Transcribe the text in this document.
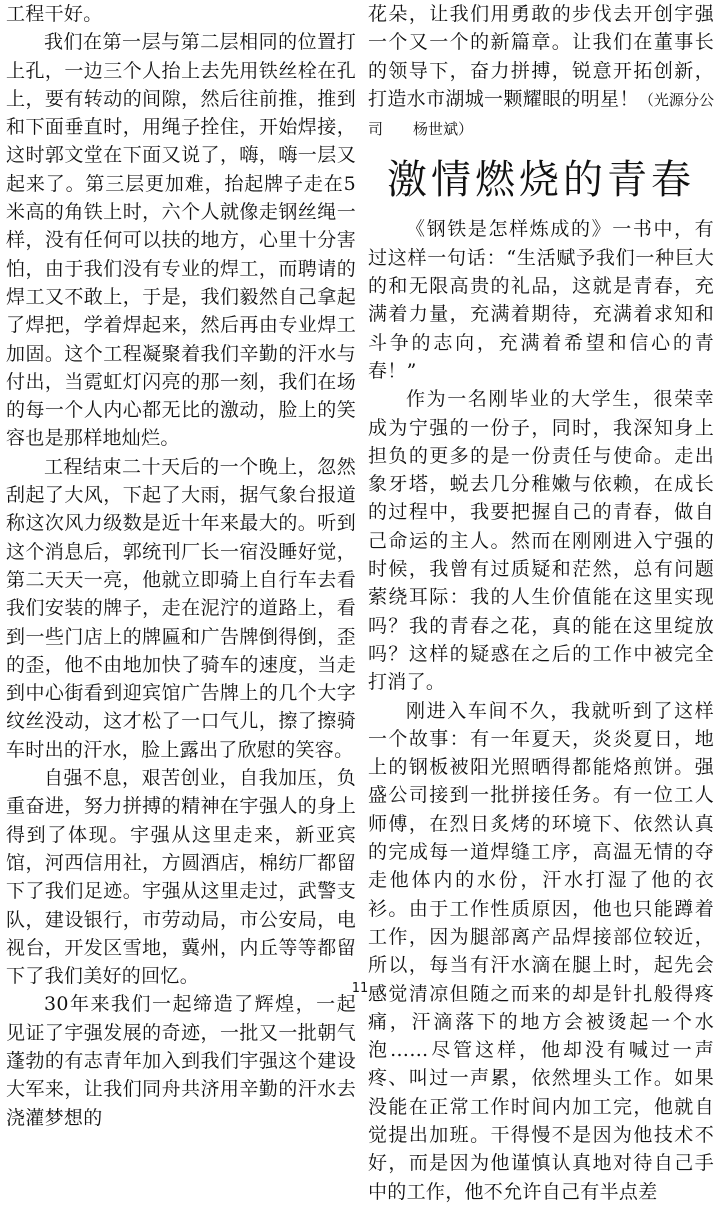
工程干好。

我们在第一层与第二层相同的位置打上孔，一边三个人抬上去先用铁丝栓在孔上，要有转动的间隙，然后往前推，推到和下面垂直时，用绳子拴住，开始焊接，这时郭文堂在下面又说了，嗨，嗨一层又起来了。第三层更加难，抬起牌子走在5米高的角铁上时，六个人就像走钢丝绳一样，没有任何可以扶的地方，心里十分害怕，由于我们没有专业的焊工，而聘请的焊工又不敢上，于是，我们毅然自己拿起了焊把，学着焊起来，然后再由专业焊工加固。这个工程凝聚着我们辛勤的汗水与付出，当霓虹灯闪亮的那一刻，我们在场的每一个人内心都无比的激动，脸上的笑容也是那样地灿烂。

工程结束二十天后的一个晚上，忽然刮起了大风，下起了大雨，据气象台报道称这次风力级数是近十年来最大的。听到这个消息后，郭统刊厂长一宿没睡好觉，第二天天一亮，他就立即骑上自行车去看我们安装的牌子，走在泥泞的道路上，看到一些门店上的牌匾和广告牌倒得倒，歪的歪，他不由地加快了骑车的速度，当走到中心街看到迎宾馆广告牌上的几个大字纹丝没动，这才松了一口气儿，擦了擦骑车时出的汗水，脸上露出了欣慰的笑容。

自强不息，艰苦创业，自我加压，负重奋进，努力拼搏的精神在宇强人的身上得到了体现。宇强从这里走来，新亚宾馆，河西信用社，方圆酒店，棉纺厂都留下了我们足迹。宇强从这里走过，武警支队，建设银行，市劳动局，市公安局，电视台，开发区雪地，冀州，内丘等等都留下了我们美好的回忆。

30年来我们一起缔造了辉煌，一起见证了宇强发展的奇迹，一批又一批朝气蓬勃的有志青年加入到我们宇强这个建设大军来，让我们同舟共济用辛勤的汗水去浇灌梦想的

花朵，让我们用勇敢的步伐去开创宇强一个又一个的新篇章。让我们在董事长的领导下，奋力拼搏，锐意开拓创新，打造水市湖城一颗耀眼的明星！（光源分公司　　杨世斌）

激情燃烧的青春

《钢铁是怎样炼成的》一书中，有过这样一句话：“生活赋予我们一种巨大的和无限高贵的礼品，这就是青春，充满着力量，充满着期待，充满着求知和斗争的志向，充满着希望和信心的青春！”

作为一名刚毕业的大学生，很荣幸成为宁强的一份子，同时，我深知身上担负的更多的是一份责任与使命。走出象牙塔，蜕去几分稚嫩与依赖，在成长的过程中，我要把握自己的青春，做自己命运的主人。然而在刚刚进入宁强的时候，我曾有过质疑和茫然，总有问题萦绕耳际：我的人生价值能在这里实现吗？我的青春之花，真的能在这里绽放吗？这样的疑惑在之后的工作中被完全打消了。

刚进入车间不久，我就听到了这样一个故事：有一年夏天，炎炎夏日，地上的钢板被阳光照晒得都能烙煎饼。强盛公司接到一批拼接任务。有一位工人师傅，在烈日炙烤的环境下、依然认真的完成每一道焊缝工序，高温无情的夺走他体内的水份，汗水打湿了他的衣衫。由于工作性质原因，他也只能蹲着工作，因为腿部离产品焊接部位较近，所以，每当有汗水滴在腿上时，起先会感觉清凉但随之而来的却是针扎般得疼痛，汗滴落下的地方会被烫起一个水泡……尽管这样，他却没有喊过一声疼、叫过一声累，依然埋头工作。如果没能在正常工作时间内加工完，他就自觉提出加班。干得慢不是因为他技术不好，而是因为他谨慎认真地对待自己手中的工作，他不允许自己有半点差

11
